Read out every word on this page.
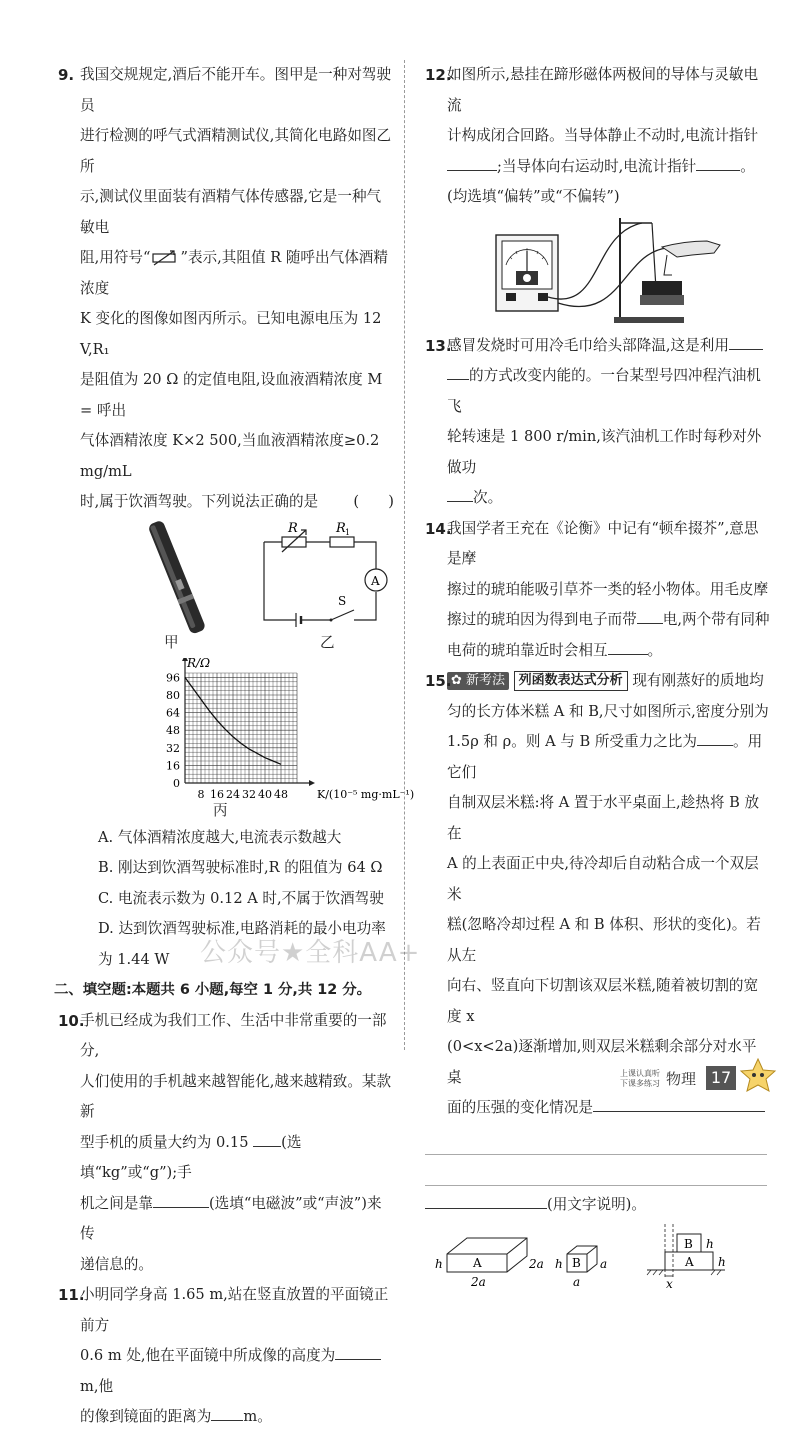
9. 我国交规规定,酒后不能开车。图甲是一种对驾驶员
进行检测的呼气式酒精测试仪,其简化电路如图乙所
示,测试仪里面装有酒精气体传感器,它是一种气敏电
阻,用符号“ ”表示,其阻值 R 随呼出气体酒精浓度
K 变化的图像如图丙所示。已知电源电压为 12 V,R₁
是阻值为 20 Ω 的定值电阻,设血液酒精浓度 M = 呼出
气体酒精浓度 K×2 500,当血液酒精浓度≥0.2 mg/mL
时,属于饮酒驾驶。下列说法正确的是 (　　)
甲
R	R 1
A
S
乙
0
16
32
48
64
80
96
8 16 24 32 40 48
R/Ω
K/(10⁻⁵ mg·mL⁻¹)
丙
A. 气体酒精浓度越大,电流表示数越大
B. 刚达到饮酒驾驶标准时,R 的阻值为 64 Ω
C. 电流表示数为 0.12 A 时,不属于饮酒驾驶
D. 达到饮酒驾驶标准,电路消耗的最小电功率为 1.44 W
二、填空题:本题共 6 小题,每空 1 分,共 12 分。
10.
手机已经成为我们工作、生活中非常重要的一部分,
人们使用的手机越来越智能化,越来越精致。某款新
型手机的质量大约为 0.15 (选填“kg”或“g”);手
机之间是靠	(选填“电磁波”或“声波”)来传
递信息的。
11.
小明同学身高 1.65 m,站在竖直放置的平面镜正前方
0.6 m 处,他在平面镜中所成像的高度为m,他
的像到镜面的距离为 m。
12.
如图所示,悬挂在蹄形磁体两极间的导体与灵敏电流
计构成闭合回路。当导体静止不动时,电流计指针
;当导体向右运动时,电流计指针	。
(均选填“偏转”或“不偏转”)
13.
感冒发烧时可用冷毛巾给头部降温,这是利用
的方式改变内能的。一台某型号四冲程汽油机飞
轮转速是 1 800 r/min,该汽油机工作时每秒对外做功
次。
14.
我国学者王充在《论衡》中记有“顿牟掇芥”,意思是摩
擦过的琥珀能吸引草芥一类的轻小物体。用毛皮摩
擦过的琥珀因为得到电子而带 电,两个带有同种
电荷的琥珀靠近时会相互	。
15. ✿ 新考法 列函数表达式分析 现有刚蒸好的质地均
匀的长方体米糕 A 和 B,尺寸如图所示,密度分别为
1.5ρ 和 ρ。则 A 与 B 所受重力之比为 。用它们
自制双层米糕:将 A 置于水平桌面上,趁热将 B 放在
A 的上表面正中央,待冷却后自动粘合成一个双层米
糕(忽略冷却过程 A 和 B 体积、形状的变化)。若从左
向右、竖直向下切割该双层米糕,随着被切割的宽度 x
(0<x<2a)逐渐增加,则双层米糕剩余部分对水平桌
面的压强的变化情况是
(用文字说明)。
A
h	2a
2a
B
h	a
a
A
B h
h
x
公众号★全科AA+
上课认真听
下课多练习 物理 17
